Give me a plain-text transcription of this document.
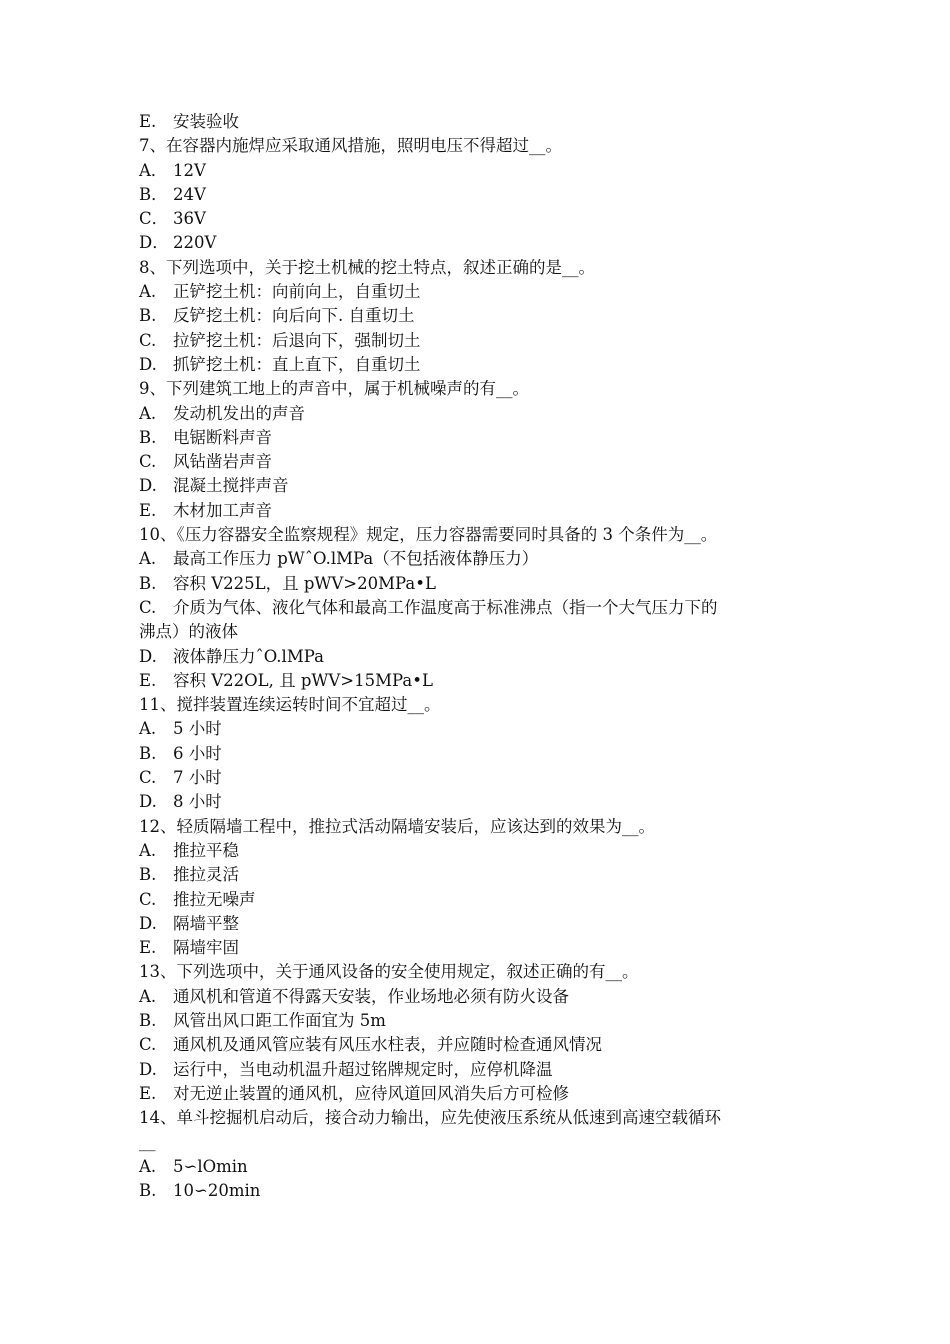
E. 安装验收
7、在容器内施焊应采取通风措施，照明电压不得超过__。
A． 12V
B． 24V
C． 36V
D． 220V
8、下列选项中，关于挖土机械的挖土特点，叙述正确的是__。
A. 正铲挖土机：向前向上，自重切土
B. 反铲挖土机：向后向下. 自重切土
C. 拉铲挖土机：后退向下，强制切土
D. 抓铲挖土机：直上直下，自重切土
9、下列建筑工地上的声音中，属于机械噪声的有__。
A. 发动机发出的声音
B. 电锯断料声音
C. 风钻凿岩声音
D. 混凝土搅拌声音
E. 木材加工声音
10、《压力容器安全监察规程》规定，压力容器需要同时具备的 3 个条件为__。
A. 最高工作压力 pWˆO.lMPa（不包括液体静压力）
B. 容积 V225L，且 pWV>20MPa•L
C. 介质为气体、液化气体和最高工作温度高于标准沸点（指一个大气压力下的
沸点）的液体
D. 液体静压力ˆO.lMPa
E. 容积 V22OL, 且 pWV>15MPa•L
11、搅拌装置连续运转时间不宜超过__。
A. 5 小时
B. 6 小时
C. 7 小时
D. 8 小时
12、轻质隔墙工程中，推拉式活动隔墙安装后，应该达到的效果为__。
A. 推拉平稳
B. 推拉灵活
C. 推拉无噪声
D. 隔墙平整
E. 隔墙牢固
13、下列选项中，关于通风设备的安全使用规定，叙述正确的有__。
A. 通风机和管道不得露天安装，作业场地必须有防火设备
B. 风管出风口距工作面宜为 5m
C. 通风机及通风管应装有风压水柱表，并应随时检查通风情况
D. 运行中，当电动机温升超过铭牌规定时，应停机降温
E. 对无逆止装置的通风机，应待风道回风消失后方可检修
14、单斗挖掘机启动后，接合动力输出，应先使液压系统从低速到高速空载循环
__
A. 5∽lOmin
B. 10∽20min
